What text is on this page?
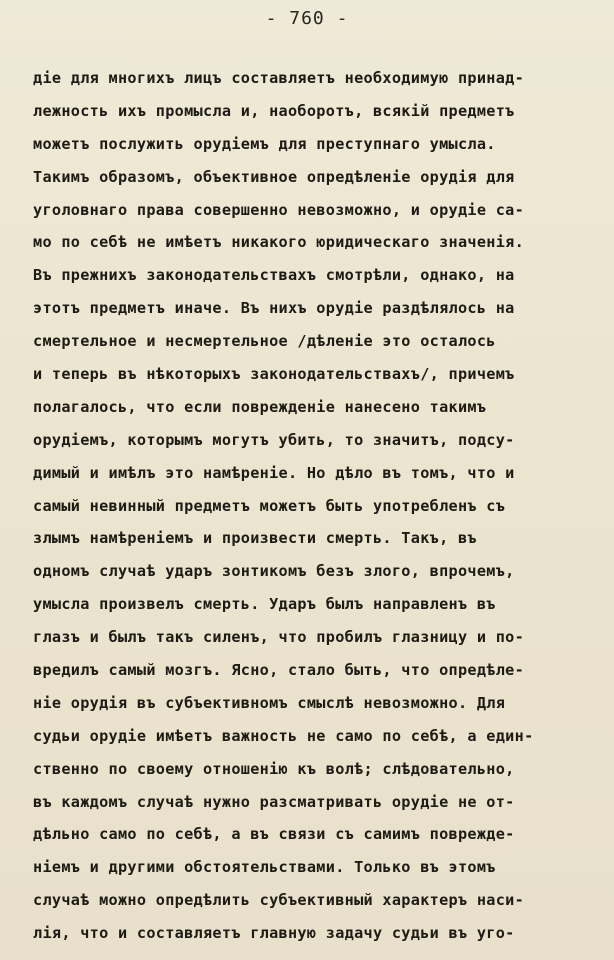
- 760 -
дiе для многихъ лицъ составляетъ необходимую принад-
лежность ихъ промысла и, наоборотъ, всякiй предметъ
можетъ послужить орудiемъ для преступнаго умысла.
Такимъ образомъ, объективное опредѣленiе орудiя для
уголовнаго права совершенно невозможно, и орудiе са-
мо по себѣ не имѣетъ никакого юридическаго значенiя.
Въ прежнихъ законодательствахъ смотрѣли, однако, на
этотъ предметъ иначе. Въ нихъ орудiе раздѣлялось на
смертельное и несмертельное /дѣленiе это осталось
и теперь въ нѣкоторыхъ законодательствахъ/, причемъ
полагалось, что если поврежденiе нанесено такимъ
орудiемъ, которымъ могутъ убить, то значитъ, подсу-
димый и имѣлъ это намѣренiе. Но дѣло въ томъ, что и
самый невинный предметъ можетъ быть употребленъ съ
злымъ намѣренiемъ и произвести смерть. Такъ, въ
одномъ случаѣ ударъ зонтикомъ безъ злого, впрочемъ,
умысла произвелъ смерть. Ударъ былъ направленъ въ
глазъ и былъ такъ силенъ, что пробилъ глазницу и по-
вредилъ самый мозгъ. Ясно, стало быть, что опредѣле-
нiе орудiя въ субъективномъ смыслѣ невозможно. Для
судьи орудiе имѣетъ важность не само по себѣ, а един-
ственно по своему отношенiю къ волѣ; слѣдовательно,
въ каждомъ случаѣ нужно разсматривать орудiе не от-
дѣльно само по себѣ, а въ связи съ самимъ поврежде-
нiемъ и другими обстоятельствами. Только въ этомъ
случаѣ можно опредѣлить субъективный характеръ наси-
лiя, что и составляетъ главную задачу судьи въ уго-
